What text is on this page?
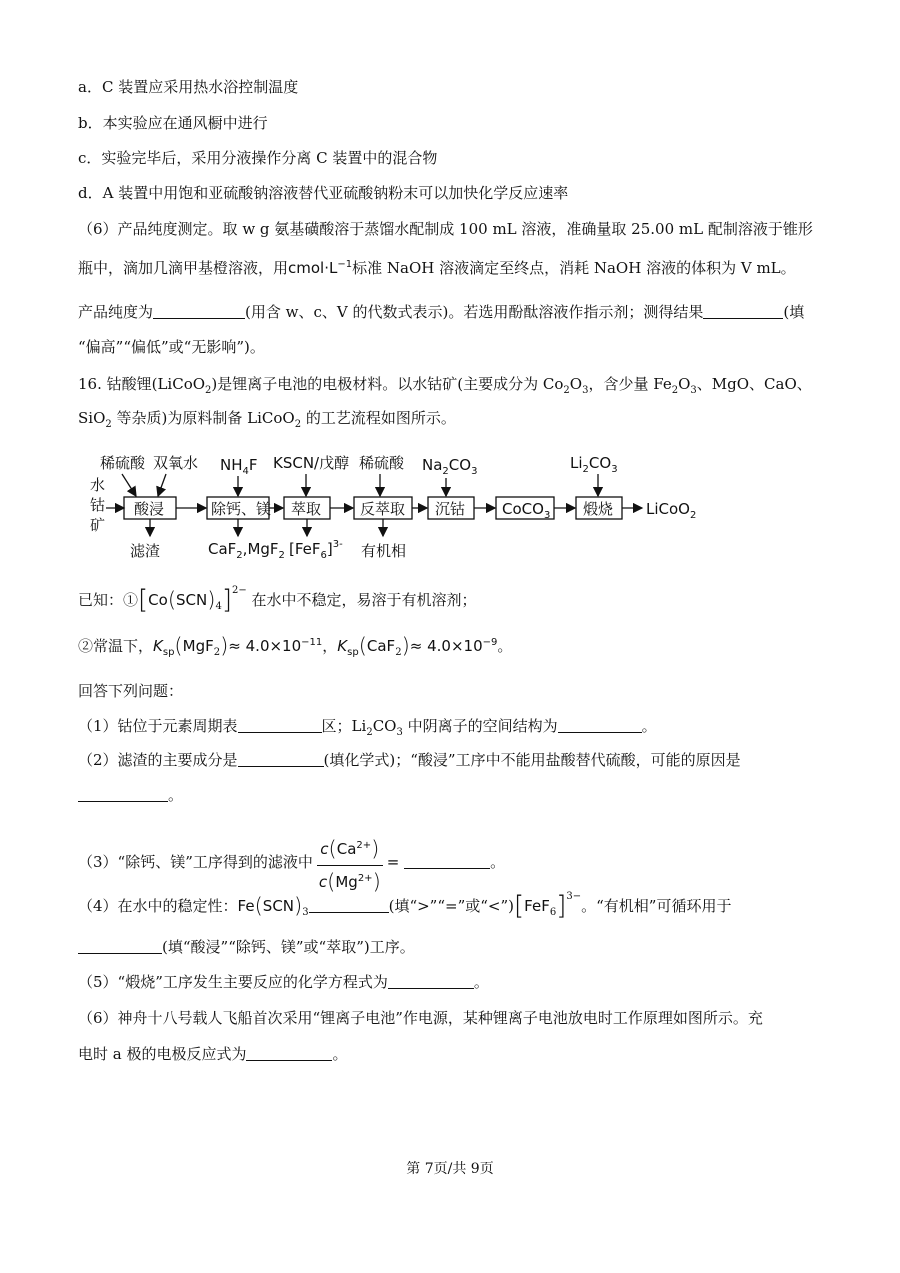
a．C 装置应采用热水浴控制温度
b．本实验应在通风橱中进行
c．实验完毕后，采用分液操作分离 C 装置中的混合物
d．A 装置中用饱和亚硫酸钠溶液替代亚硫酸钠粉末可以加快化学反应速率
（6）产品纯度测定。取 w g 氨基磺酸溶于蒸馏水配制成 100 mL 溶液，准确量取 25.00 mL 配制溶液于锥形
瓶中，滴加几滴甲基橙溶液，用$cmol\cdot L^{-1}$标准 NaOH 溶液滴定至终点，消耗 NaOH 溶液的体积为 V mL。
产品纯度为	(用含 w、c、V 的代数式表示)。若选用酚酞溶液作指示剂；测得结果	(填
“偏高”“偏低”或“无影响”)。
16. 钴酸锂(LiCoO$_2$)是锂离子电池的电极材料。以水钴矿(主要成分为 $Co_2O_3$，含少量 $Fe_2O_3$、MgO、CaO、
SiO$_2$ 等杂质)为原料制备 LiCoO$_2$ 的工艺流程如图所示。
水
钴
矿
稀硫酸 双氧水 $NH_4F$ KSCN/戊醇 稀硫酸 $Na_2CO_3$	$Li_2CO_3$
酸浸	除钙、镁 萃取	反萃取 沉钴 CoCO$_3$ 煅烧 LiCoO$_2$
滤渣	CaF$_2$,MgF$_2$ $[FeF_6]^{3-}$ 有机相
已知：$①[Co(SCN)_4]^{2-}$ 在水中不稳定，易溶于有机溶剂；
②常温下，$K_{sp}(MgF_2)\approx 4.0\times 10^{-11}$，$K_{sp}(CaF_2)\approx 4.0\times 10^{-9}$。
回答下列问题：
（1）钴位于元素周期表	区；$Li_2CO_3$ 中阴离子的空间结构为	。
（2）滤渣的主要成分是	(填化学式)；“酸浸”工序中不能用盐酸替代硫酸，可能的原因是
。
（3）“除钙、镁”工序得到的滤液中 $\frac{c(Ca^{2+})}{c(Mg^{2+})}$ =	。
（4）在水中的稳定性：$Fe(SCN)_3$	(填“>”“=”或“$<”)[FeF_6]^{3-}$。“有机相”可循环用于
(填“酸浸”“除钙、镁”或“萃取”)工序。
（5）“煅烧”工序发生主要反应的化学方程式为	。
（6）神舟十八号载人飞船首次采用“锂离子电池”作电源，某种锂离子电池放电时工作原理如图所示。充
电时 a 极的电极反应式为	。
第 7页/共 9页
